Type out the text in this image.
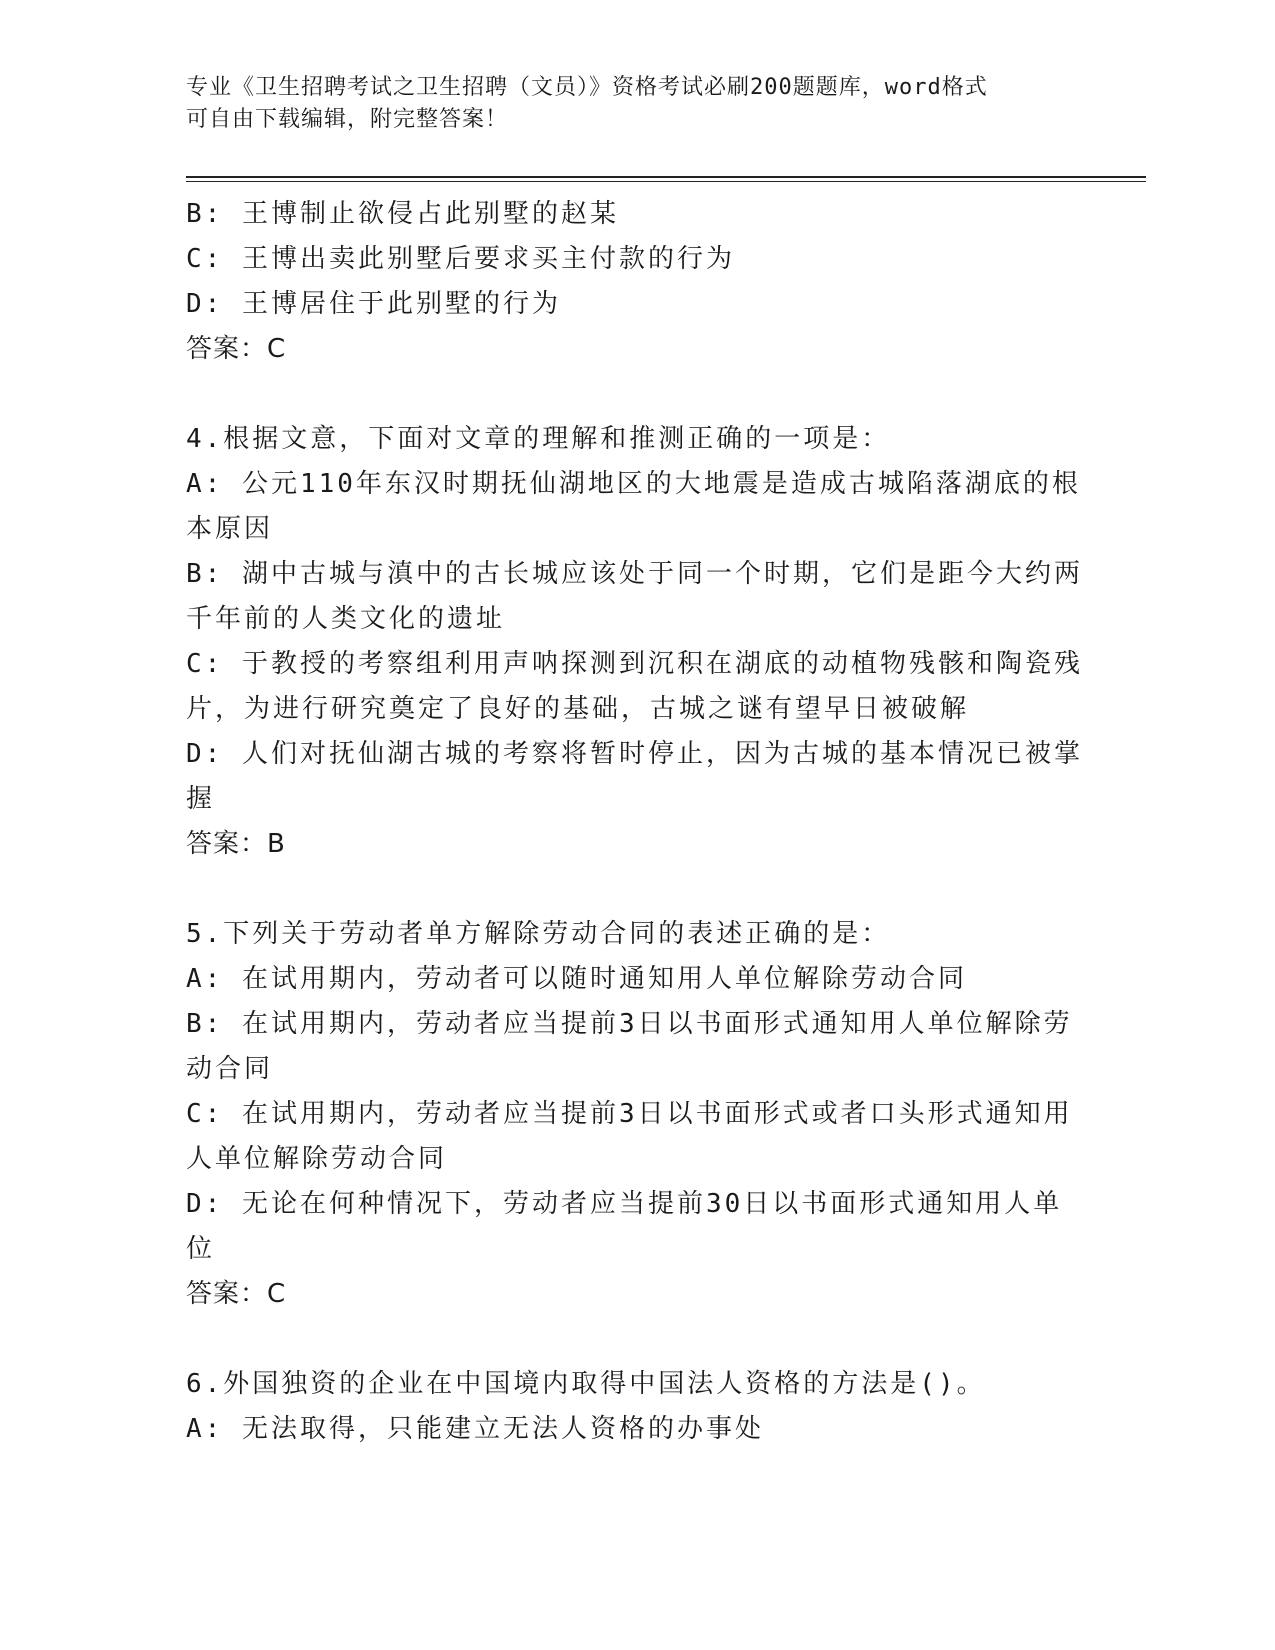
专业《卫生招聘考试之卫生招聘（文员）》资格考试必刷200题题库，word格式
可自由下载编辑，附完整答案！
B: 王博制止欲侵占此别墅的赵某
C: 王博出卖此别墅后要求买主付款的行为
D: 王博居住于此别墅的行为
答案：C
4.根据文意，下面对文章的理解和推测正确的一项是：
A: 公元110年东汉时期抚仙湖地区的大地震是造成古城陷落湖底的根
本原因
B: 湖中古城与滇中的古长城应该处于同一个时期，它们是距今大约两
千年前的人类文化的遗址
C: 于教授的考察组利用声呐探测到沉积在湖底的动植物残骸和陶瓷残
片，为进行研究奠定了良好的基础，古城之谜有望早日被破解
D: 人们对抚仙湖古城的考察将暂时停止，因为古城的基本情况已被掌
握
答案：B
5.下列关于劳动者单方解除劳动合同的表述正确的是：
A: 在试用期内，劳动者可以随时通知用人单位解除劳动合同
B: 在试用期内，劳动者应当提前3日以书面形式通知用人单位解除劳
动合同
C: 在试用期内，劳动者应当提前3日以书面形式或者口头形式通知用
人单位解除劳动合同
D: 无论在何种情况下，劳动者应当提前30日以书面形式通知用人单
位
答案：C
6.外国独资的企业在中国境内取得中国法人资格的方法是()。
A: 无法取得，只能建立无法人资格的办事处
